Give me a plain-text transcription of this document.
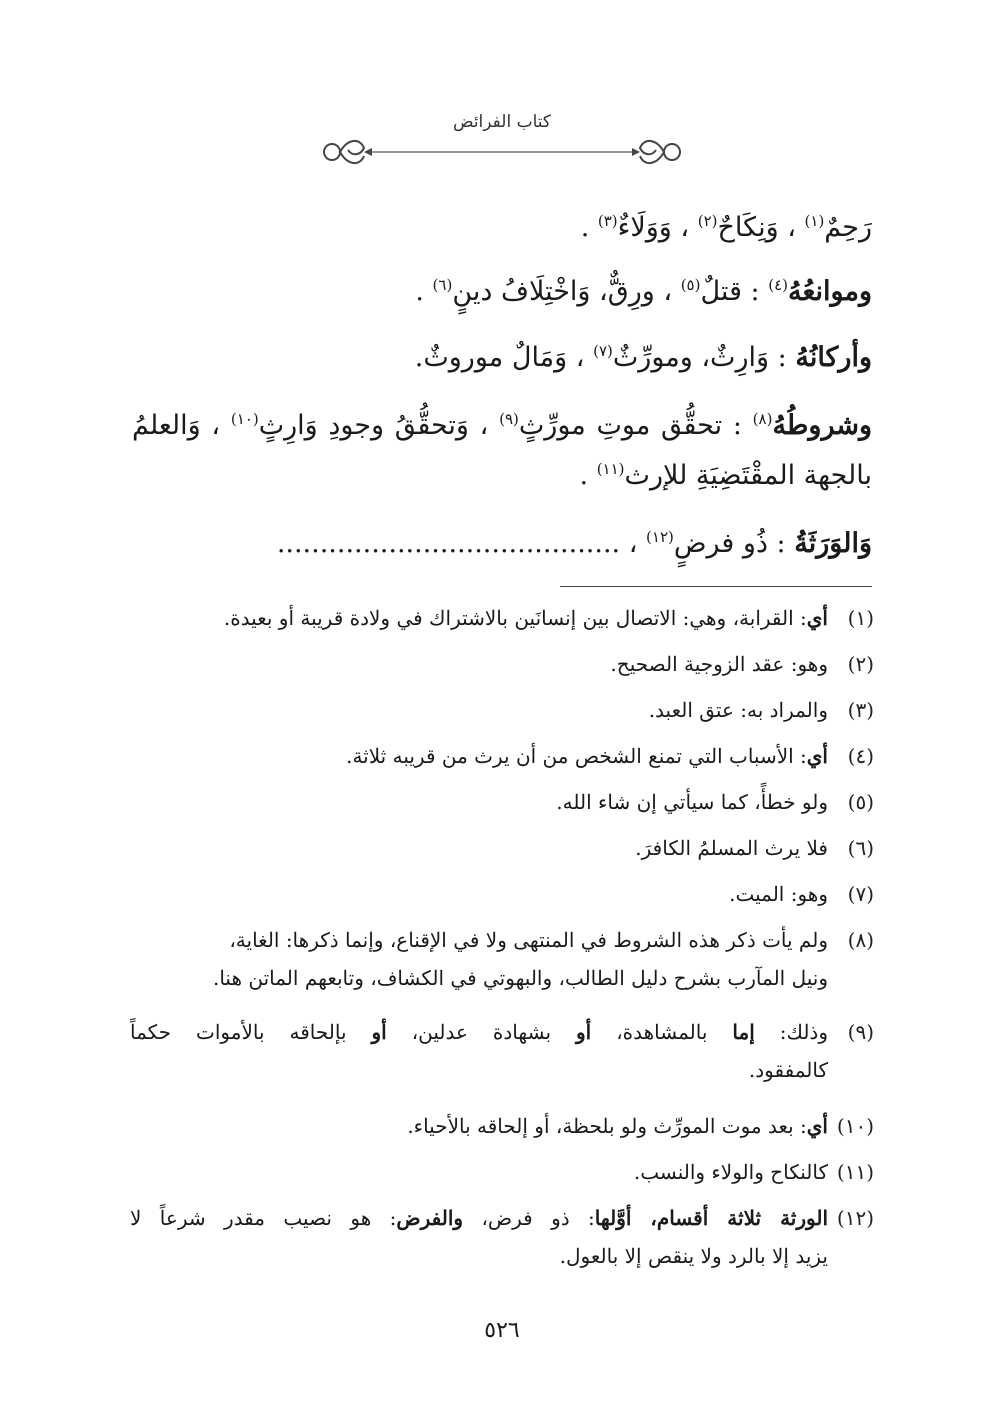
كتاب الفرائض
رَحِمٌ$^{(١)}$ ، وَنِكَاحٌ$^{(٢)}$ ، وَوَلَاءٌ$^{(٣)}$ .
وموانعُهُ$^{(٤)}$ : قتلٌ$^{(٥)}$ ، ورِقٌّ، وَاخْتِلَافُ دينٍ$^{(٦)}$ .
وأركانُهُ : وَارِثٌ، ومورِّثٌ$^{(٧)}$ ، وَمَالٌ موروثٌ.
وشروطُهُ$^{(٨)}$ : تحقُّق موتِ مورِّثٍ$^{(٩)}$ ، وَتحقُّقُ وجودِ وَارِثٍ$^{(١٠)}$ ، وَالعلمُ
بالجهة المقْتَضِيَةِ للإرث$^{(١١)}$ .
وَالوَرَثَةُ : ذُو فرضٍ$^{(١٢)}$ ، ........................................
(١)
أي: القرابة، وهي: الاتصال بين إنسانَين بالاشتراك في ولادة قريبة أو بعيدة.
(٢)
وهو: عقد الزوجية الصحيح.
(٣)
والمراد به: عتق العبد.
(٤)
أي: الأسباب التي تمنع الشخص من أن يرث من قريبه ثلاثة.
(٥)
ولو خطأً، كما سيأتي إن شاء الله.
(٦)
فلا يرث المسلمُ الكافرَ.
(٧)
وهو: الميت.
(٨)
ولم يأت ذكر هذه الشروط في المنتهى ولا في الإقناع، وإنما ذكرها: الغاية،
ونيل المآرب بشرح دليل الطالب، والبهوتي في الكشاف، وتابعهم الماتن هنا.
(٩)
وذلك: إما بالمشاهدة، أو بشهادة عدلين، أو بإلحاقه بالأموات حكماً
كالمفقود.
(١٠)
أي: بعد موت المورِّث ولو بلحظة، أو إلحاقه بالأحياء.
(١١)
كالنكاح والولاء والنسب.
(١٢)
الورثة ثلاثة أقسام، أوَّلها: ذو فرض، والفرض: هو نصيب مقدر شرعاً لا
يزيد إلا بالرد ولا ينقص إلا بالعول.
٥٢٦
